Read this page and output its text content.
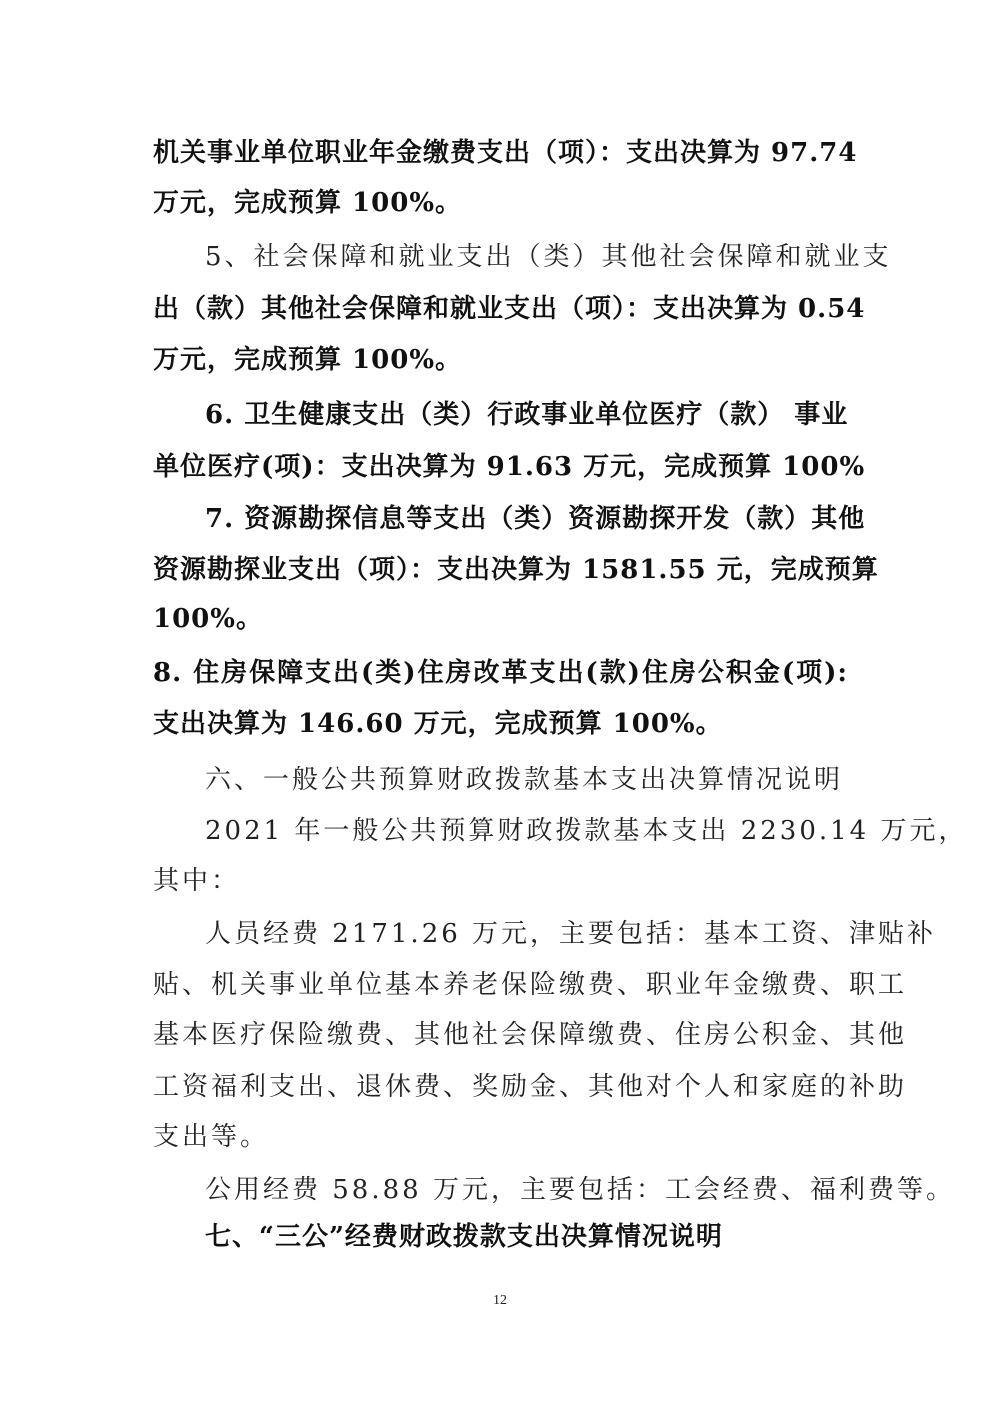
机关事业单位职业年金缴费支出（项）：支出决算为 97.74
万元，完成预算 100%。
5、社会保障和就业支出（类）其他社会保障和就业支
出（款）其他社会保障和就业支出（项）：支出决算为 0.54
万元，完成预算 100%。
6. 卫生健康支出（类）行政事业单位医疗（款） 事业
单位医疗(项)：支出决算为 91.63 万元，完成预算 100%
7. 资源勘探信息等支出（类）资源勘探开发（款）其他
资源勘探业支出（项）：支出决算为 1581.55 元，完成预算
100%。
8. 住房保障支出(类)住房改革支出(款)住房公积金(项):
支出决算为 146.60 万元，完成预算 100%。
六、一般公共预算财政拨款基本支出决算情况说明
2021 年一般公共预算财政拨款基本支出 2230.14 万元，
其中：
人员经费 2171.26 万元，主要包括：基本工资、津贴补
贴、机关事业单位基本养老保险缴费、职业年金缴费、职工
基本医疗保险缴费、其他社会保障缴费、住房公积金、其他
工资福利支出、退休费、奖励金、其他对个人和家庭的补助
支出等。
公用经费 58.88 万元，主要包括：工会经费、福利费等。
七、“三公”经费财政拨款支出决算情况说明
12
